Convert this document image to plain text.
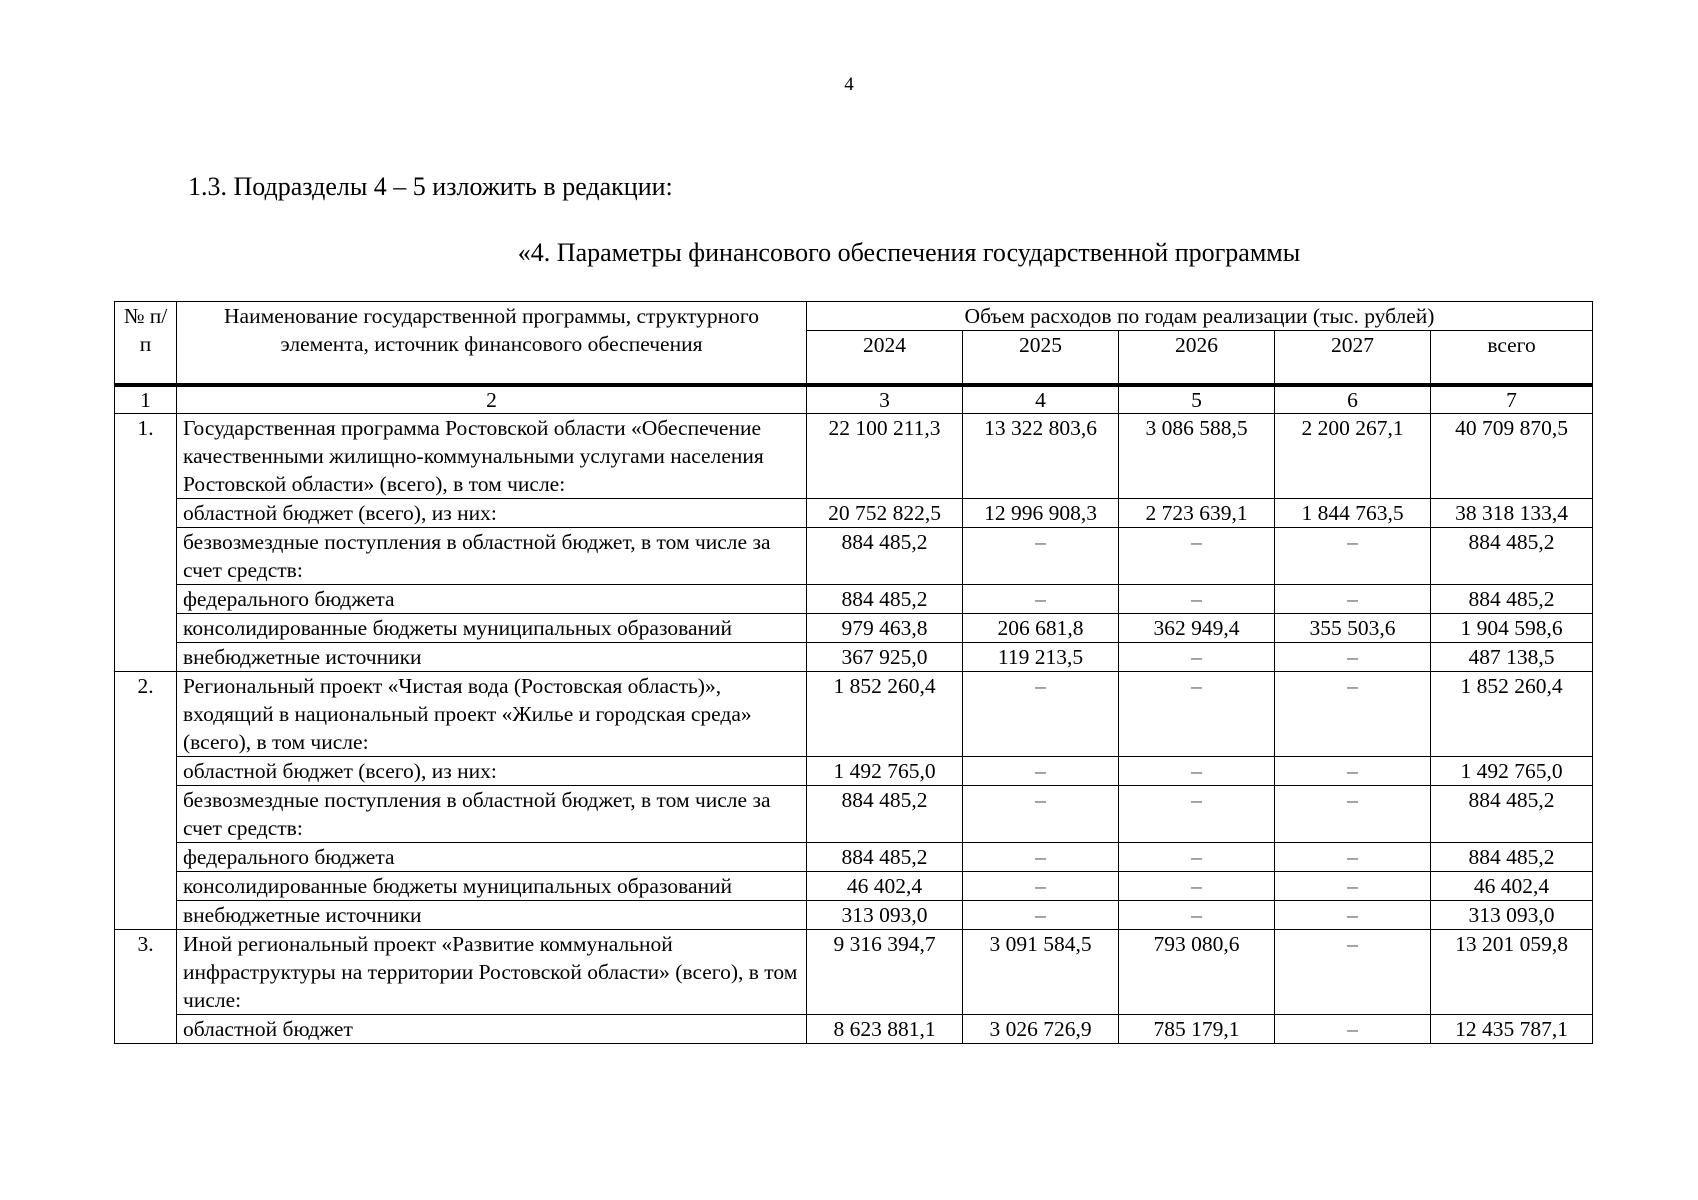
4
1.3. Подразделы 4 – 5 изложить в редакции:
«4. Параметры финансового обеспечения государственной программы
№ п/п	Наименование государственной программы, структурного элемента, источник финансового обеспечения	Объем расходов по годам реализации (тыс. рублей)				
		2024	2025	2026	2027	всего
1	2	3	4	5	6	7
1.	Государственная программа Ростовской области «Обеспечение качественными жилищно-коммунальными услугами населения Ростовской области» (всего), в том числе:	22 100 211,3	13 322 803,6	3 086 588,5	2 200 267,1	40 709 870,5
	областной бюджет (всего), из них:	20 752 822,5	12 996 908,3	2 723 639,1	1 844 763,5	38 318 133,4
	безвозмездные поступления в областной бюджет, в том числе за счет средств:	884 485,2	–	–	–	884 485,2
	федерального бюджета	884 485,2	–	–	–	884 485,2
	консолидированные бюджеты муниципальных образований	979 463,8	206 681,8	362 949,4	355 503,6	1 904 598,6
	внебюджетные источники	367 925,0	119 213,5	–	–	487 138,5
2.	Региональный проект «Чистая вода (Ростовская область)», входящий в национальный проект «Жилье и городская среда» (всего), в том числе:	1 852 260,4	–	–	–	1 852 260,4
	областной бюджет (всего), из них:	1 492 765,0	–	–	–	1 492 765,0
	безвозмездные поступления в областной бюджет, в том числе за счет средств:	884 485,2	–	–	–	884 485,2
	федерального бюджета	884 485,2	–	–	–	884 485,2
	консолидированные бюджеты муниципальных образований	46 402,4	–	–	–	46 402,4
	внебюджетные источники	313 093,0	–	–	–	313 093,0
3.	Иной региональный проект «Развитие коммунальной инфраструктуры на территории Ростовской области» (всего), в том числе:	9 316 394,7	3 091 584,5	793 080,6	–	13 201 059,8
	областной бюджет	8 623 881,1	3 026 726,9	785 179,1	–	12 435 787,1
